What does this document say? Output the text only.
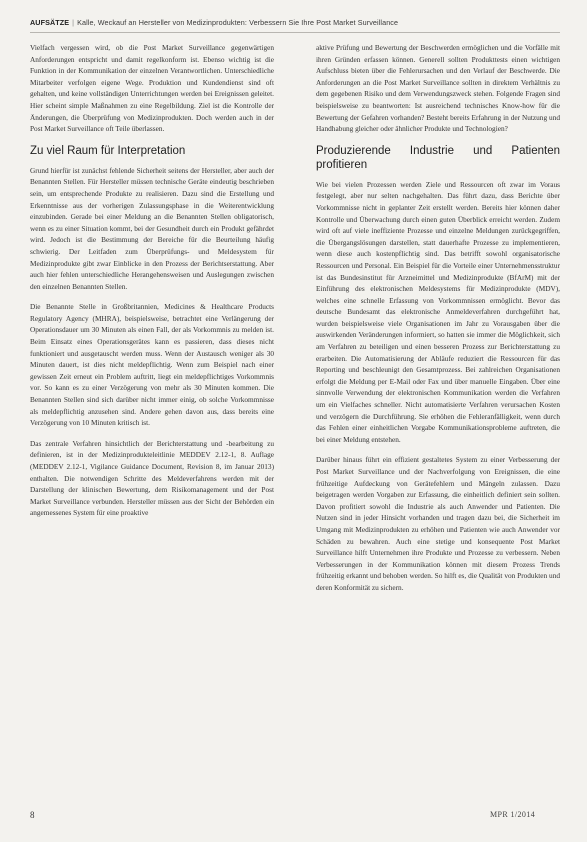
AUFSÄTZE | Kalle, Weckauf an Hersteller von Medizinprodukten: Verbessern Sie Ihre Post Market Surveillance

Vielfach vergessen wird, ob die Post Market Surveillance gegenwärtigen Anforderungen entspricht und damit regelkonform ist. Ebenso wichtig ist die Funktion in der Kommunikation der einzelnen Verantwortlichen. Unterschiedliche Mitarbeiter verfolgen eigene Wege. Produktion und Kundendienst sind oft gehalten, und keine vollständigen Unterrichtungen werden bei Ereignissen geleitet. Hier scheint simple Maßnahmen zu eine Regelbildung. Ziel ist die Kontrolle der Änderungen, die Überprüfung von Medizinprodukten. Doch werden auch in der Post Market Surveillance oft Teile überlassen.

Zu viel Raum für Interpretation

Grund hierfür ist zunächst fehlende Sicherheit seitens der Hersteller, aber auch der Benannten Stellen. Für Hersteller müssen technische Geräte eindeutig beschrieben sein, um entsprechende Produkte zu realisieren. Dazu sind die Erstellung und Erkenntnisse aus der vorherigen Zulassungsphase in die Weiterentwicklung einzubinden. Gerade bei einer Meldung an die Benannten Stellen obligatorisch, wenn es zu einer Situation kommt, bei der Gesundheit durch ein Produkt gefährdet wird. Jedoch ist die Bestimmung der Bereiche für die Beurteilung häufig schwierig. Der Leitfaden zum Überprüfungs- und Meldesystem für Medizinprodukte gibt zwar Einblicke in den Prozess der Berichtserstattung. Aber auch hier fehlen unterschiedliche Herangehensweisen und Auslegungen zwischen den einzelnen Benannten Stellen.

Die Benannte Stelle in Großbritannien, Medicines & Healthcare Products Regulatory Agency (MHRA), beispielsweise, betrachtet eine Verlängerung der Operationsdauer um 30 Minuten als einen Fall, der als Vorkommnis zu melden ist. Beim Einsatz eines Operationsgerätes kann es passieren, dass dieses nicht funktioniert und ausgetauscht werden muss. Wenn der Austausch weniger als 30 Minuten dauert, ist dies nicht meldepflichtig. Wenn zum Beispiel nach einer gewissen Zeit erneut ein Problem auftritt, liegt ein meldepflichtiges Vorkommnis vor. So kann es zu einer Verzögerung von mehr als 30 Minuten kommen. Die Benannten Stellen sind sich darüber nicht immer einig, ob solche Vorkommnisse als meldepflichtig anzusehen sind. Andere gehen davon aus, dass bereits eine Verzögerung von 10 Minuten kritisch ist.

Das zentrale Verfahren hinsichtlich der Berichterstattung und -bearbeitung zu definieren, ist in der Medizinprodukteleitlinie MEDDEV 2.12-1, 8. Auflage (MEDDEV 2.12-1, Vigilance Guidance Document, Revision 8, im Januar 2013) enthalten. Die notwendigen Schritte des Meldeverfahrens werden mit der Darstellung der klinischen Bewertung, dem Risikomanagement und der Post Market Surveillance verbunden. Hersteller müssen aus der Sicht der Behörden ein angemessenes System für eine proaktive

aktive Prüfung und Bewertung der Beschwerden ermöglichen und die Vorfälle mit ihren Gründen erfassen können. Generell sollten Produkttests einen wichtigen Aufschluss bieten über die Fehlerursachen und den Verlauf der Beschwerde. Die Anforderungen an die Post Market Surveillance sollten in direktem Verhältnis zu dem gegebenen Risiko und dem Verwendungszweck stehen. Folgende Fragen sind beispielsweise zu beantworten: Ist ausreichend technisches Know-how für die Bewertung der Gefahren vorhanden? Besteht bereits Erfahrung in der Nutzung und Handhabung gleicher oder ähnlicher Produkte und Technologien?

Produzierende Industrie und Patienten profitieren

Wie bei vielen Prozessen werden Ziele und Ressourcen oft zwar im Voraus festgelegt, aber nur selten nachgehalten. Das führt dazu, dass Berichte über Vorkommnisse nicht in geplanter Zeit erstellt werden. Bereits hier können daher Kontrolle und Überwachung durch einen guten Überblick erreicht werden. Zudem wird oft auf viele ineffiziente Prozesse und einzelne Meldungen zurückgegriffen, die Übergangslösungen darstellen, statt dauerhafte Prozesse zu implementieren, wenn diese auch kostenpflichtig sind. Das betrifft sowohl organisatorische Ressourcen und Personal. Ein Beispiel für die Vorteile einer Unternehmensstruktur ist das Bundesinstitut für Arzneimittel und Medizinprodukte (BfArM) mit der Einführung des elektronischen Meldesystems für Medizinprodukte (MDV), welches eine schnelle Erfassung von Vorkommnissen ermöglicht. Bevor das deutsche Bundesamt das elektronische Anmeldeverfahren durchgeführt hat, wurden beispielsweise viele Organisationen im Jahr zu Vorausgaben über die auswirkenden Veränderungen informiert, so hatten sie immer die Möglichkeit, sich am Verfahren zu beteiligen und einen besseren Prozess zur Berichterstattung zu erarbeiten. Die Automatisierung der Abläufe reduziert die Ressourcen für das Reporting und beschleunigt den Gesamtprozess. Bei zahlreichen Organisationen erfolgt die Meldung per E-Mail oder Fax und über manuelle Eingaben. Über eine sinnvolle Verwendung der elektronischen Kommunikation werden die Verfahren um ein Vielfaches schneller. Nicht automatisierte Verfahren verursachen Kosten und verzögern die Durchführung. Sie erhöhen die Fehleranfälligkeit, wenn durch das Fehlen einer einheitlichen Vorgabe Kommunikationsprobleme auftreten, die bei einer Meldung entstehen.

Darüber hinaus führt ein effizient gestaltetes System zu einer Verbesserung der Post Market Surveillance und der Nachverfolgung von Ereignissen, die eine frühzeitige Aufdeckung von Gerätefehlern und Mängeln zulassen. Dazu beigetragen werden Vorgaben zur Erfassung, die einheitlich definiert sein sollten. Davon profitiert sowohl die Industrie als auch Anwender und Patienten. Die Nutzen sind in jeder Hinsicht vorhanden und tragen dazu bei, die Sicherheit im Umgang mit Medizinprodukten zu erhöhen und Patienten wie auch Anwender vor Schäden zu bewahren. Auch eine stetige und konsequente Post Market Surveillance hilft Unternehmen ihre Produkte und Prozesse zu verbessern. Neben Verbesserungen in der Kommunikation können mit diesem Prozess Trends frühzeitig erkannt und behoben werden. So hilft es, die Qualität von Produkten und deren Konformität zu sichern.

8	MPR 1/2014
